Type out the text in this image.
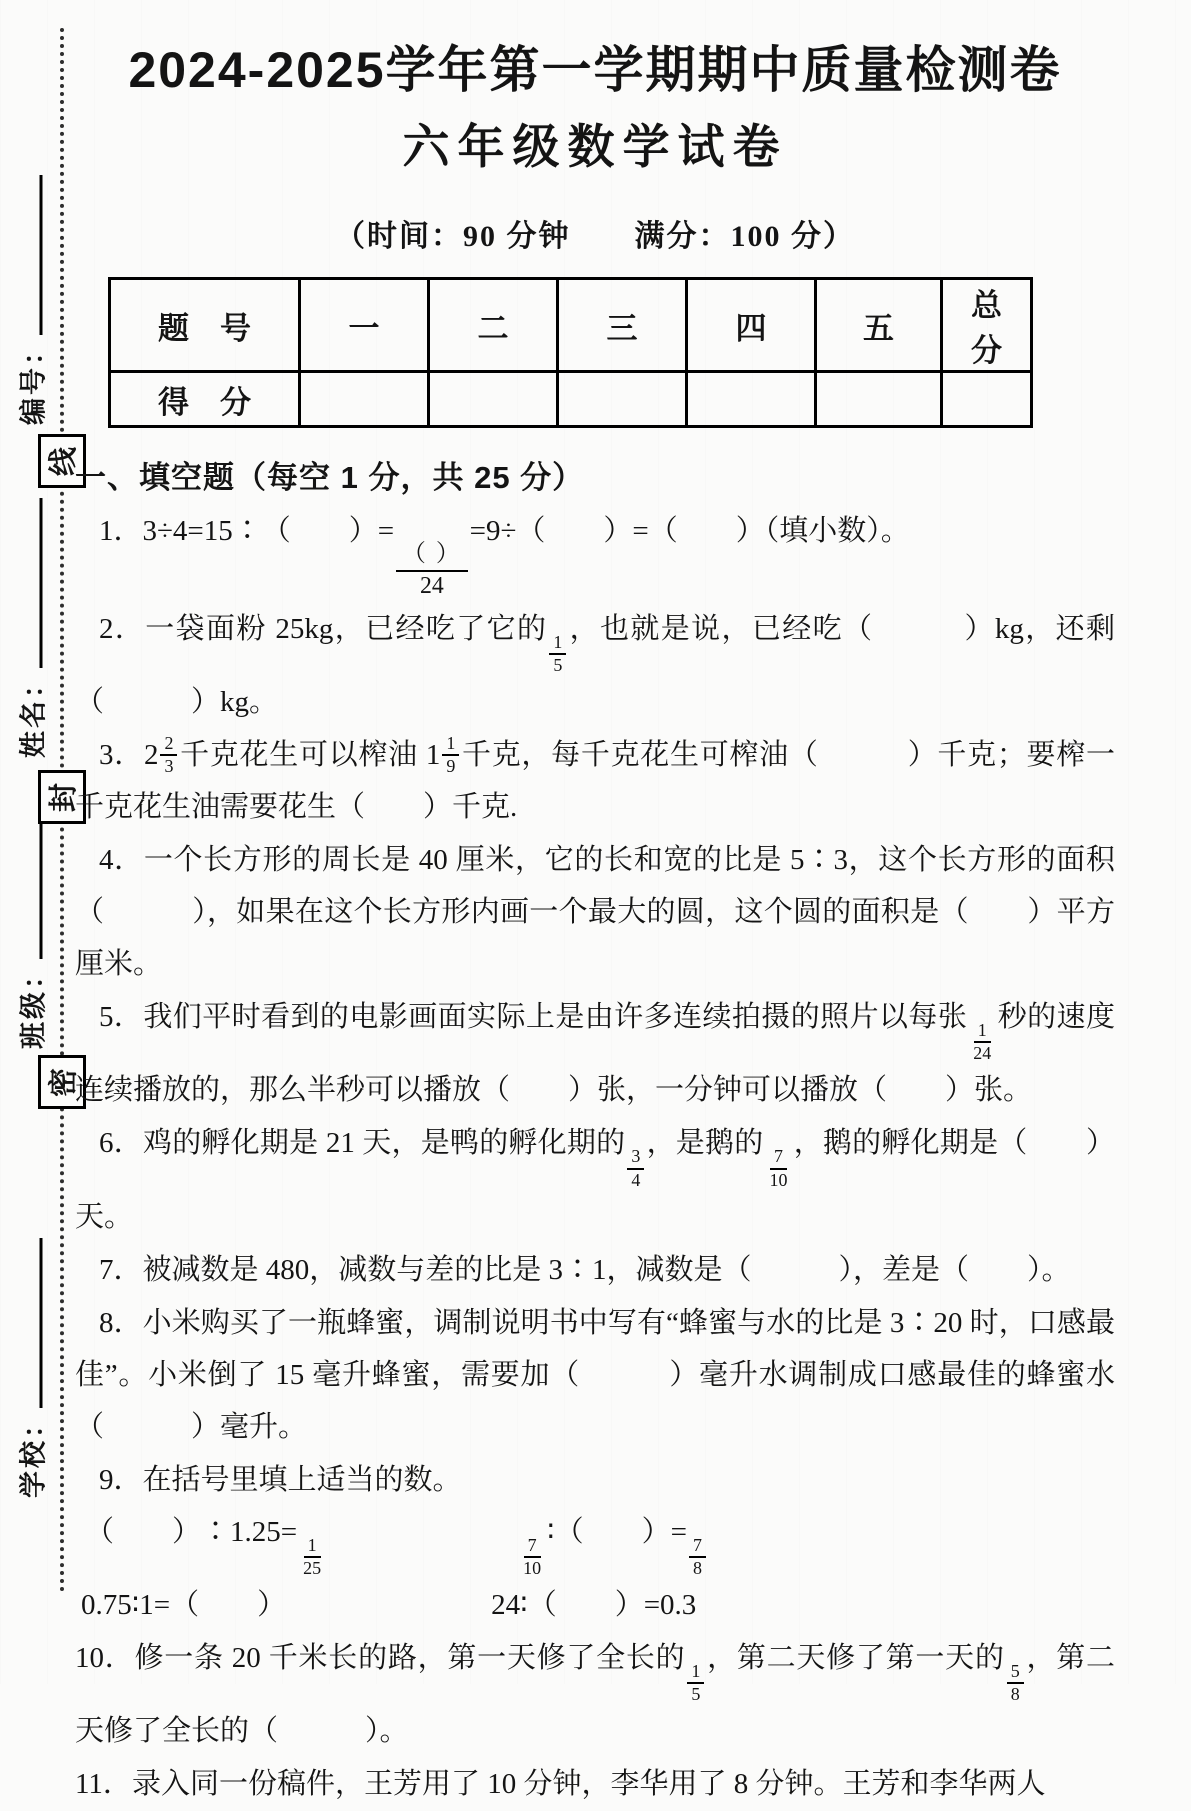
编号：
姓名：
班级：
学校：
线
封
密
2024-2025学年第一学期期中质量检测卷
六年级数学试卷
（时间：90 分钟　　满分：100 分）
题　号	一	二	三	四	五	总　分
得　分						
一、填空题（每空 1 分，共 25 分）
1．3÷4=15∶（　　）=
（ ）
24
=9÷（　　）=（　　）（填小数）。
2．一袋面粉 25kg，已经吃了它的
$\frac{1}{5}$
，也就是说，已经吃（　　　）kg，还剩（　　　）kg。
3． 2 2
3 千克花生可以榨油 1 1
9 千克，每千克花生可榨油（　　　）千克；要榨一千克花生油需要花生（　　）千克.
4．一个长方形的周长是 40 厘米，它的长和宽的比是 5∶3，这个长方形的面积（　　　），如果在这个长方形内画一个最大的圆，这个圆的面积是（　　）平方厘米。
5．我们平时看到的电影画面实际上是由许多连续拍摄的照片以每张
$\frac{1}{24}$
秒的速度连续播放的，那么半秒可以播放（　　）张，一分钟可以播放（　　）张。
6．鸡的孵化期是 21 天，是鸭的孵化期的
$\frac{3}{4}$
，是鹅的
$\frac{7}{10}$
，鹅的孵化期是（　　）天。
7．被减数是 480，减数与差的比是 3∶1，减数是（　　　），差是（　　）。
8．小米购买了一瓶蜂蜜，调制说明书中写有“蜂蜜与水的比是 3∶20 时，口感最佳”。小米倒了 15 毫升蜂蜜，需要加（　　　）毫升水调制成口感最佳的蜂蜜水（　　　）毫升。
9．在括号里填上适当的数。
（　　）∶1.25=
$\frac{1}{25}$	$\frac{7}{10}$
∶（　　）=
$\frac{7}{8}$

0.75∶1=（　　）	24∶（　　）=0.3
10．修一条 20 千米长的路，第一天修了全长的
$\frac{1}{5}$
，第二天修了第一天的
$\frac{5}{8}$
，第二天修了全长的（　　　）。
11．录入同一份稿件，王芳用了 10 分钟，李华用了 8 分钟。王芳和李华两人
